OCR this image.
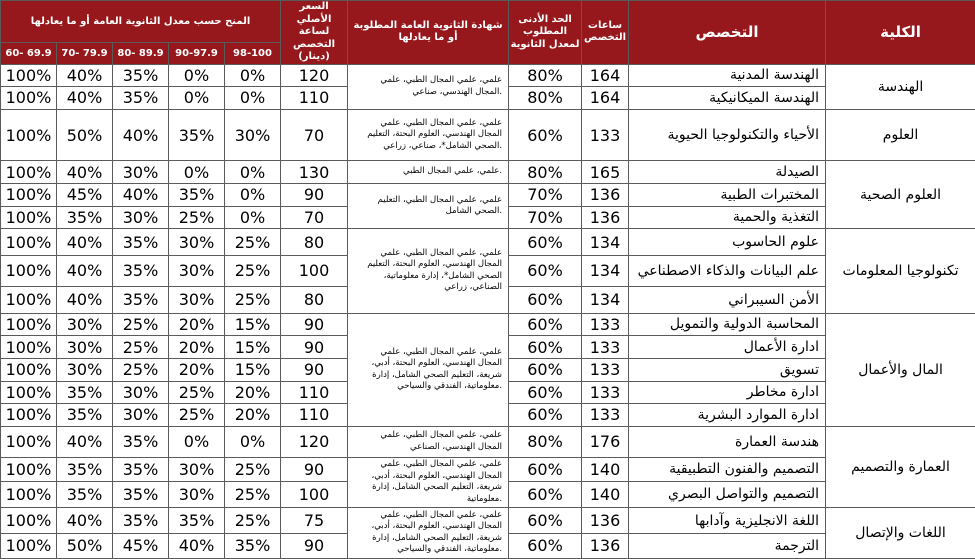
المنح حسب معدل الثانوية العامة أو ما يعادلها					السعر الأصلي لساعة التخصص (دينار)	شهادة الثانوية العامة المطلوبة أو ما يعادلها	الحد الأدنى المطلوب لمعدل الثانوية	ساعات التخصص	التخصص	الكلية
60- 69.9	70- 79.9	80- 89.9	90-97.9	98-100						
100%	40%	35%	0%	0%	120	علمي، علمي المجال الطبي، علمي المجال الهندسي، صناعي.	80%	164	الهندسة المدنية	الهندسة
100%	40%	35%	0%	0%	110		80%	164	الهندسة الميكانيكية	
100%	50%	40%	35%	30%	70	علمي، علمي المجال الطبي، علمي المجال الهندسي، العلوم البحتة، التعليم الصحي الشامل*، صناعي، زراعي.	60%	133	الأحياء والتكنولوجيا الحيوية	العلوم
100%	40%	30%	0%	0%	130	علمي، علمي المجال الطبي.	80%	165	الصيدلة	العلوم الصحية
100%	45%	40%	35%	0%	90	علمي، علمي المجال الطبي، التعليم الصحي الشامل.	70%	136	المختبرات الطبية	
100%	35%	30%	25%	0%	70		70%	136	التغذية والحمية	
100%	40%	35%	30%	25%	80	علمي، علمي المجال الطبي، علمي المجال الهندسي، العلوم البحتة، التعليم الصحي الشامل*، إدارة معلوماتية، الصناعي، زراعي	60%	134	علوم الحاسوب	تكنولوجيا المعلومات
100%	40%	35%	30%	25%	100		60%	134	علم البيانات والذكاء الاصطناعي	
100%	40%	35%	30%	25%	80		60%	134	الأمن السيبراني	
100%	30%	25%	20%	15%	90	علمي، علمي المجال الطبي، علمي المجال الهندسي، العلوم البحتة، أدبي، شريعة، التعليم الصحي الشامل، إدارة معلوماتية، الفندقي والسياحي.	60%	133	المحاسبة الدولية والتمويل	المال والأعمال
100%	30%	25%	20%	15%	90		60%	133	ادارة الأعمال	
100%	30%	25%	20%	15%	90		60%	133	تسويق	
100%	35%	30%	25%	20%	110		60%	133	ادارة مخاطر	
100%	35%	30%	25%	20%	110		60%	133	ادارة الموارد البشرية	
100%	40%	35%	0%	0%	120	علمي، علمي المجال الطبي، علمي المجال الهندسي، الصناعي	80%	176	هندسة العمارة	العمارة والتصميم
100%	35%	35%	30%	25%	90	علمي، علمي المجال الطبي، علمي المجال الهندسي، العلوم البحتة، أدبي، شريعة، التعليم الصحي الشامل، إدارة معلوماتية.	60%	140	التصميم والفنون التطبيقية	
100%	35%	35%	30%	25%	100		60%	140	التصميم والتواصل البصري	
100%	40%	35%	35%	25%	75	علمي، علمي المجال الطبي، علمي المجال الهندسي، العلوم البحتة، أدبي، شريعة، التعليم الصحي الشامل، إدارة معلوماتية، الفندقي والسياحي.	60%	136	اللغة الانجليزية وآدابها	اللغات والإتصال
100%	50%	45%	40%	35%	90		60%	136	الترجمة	
